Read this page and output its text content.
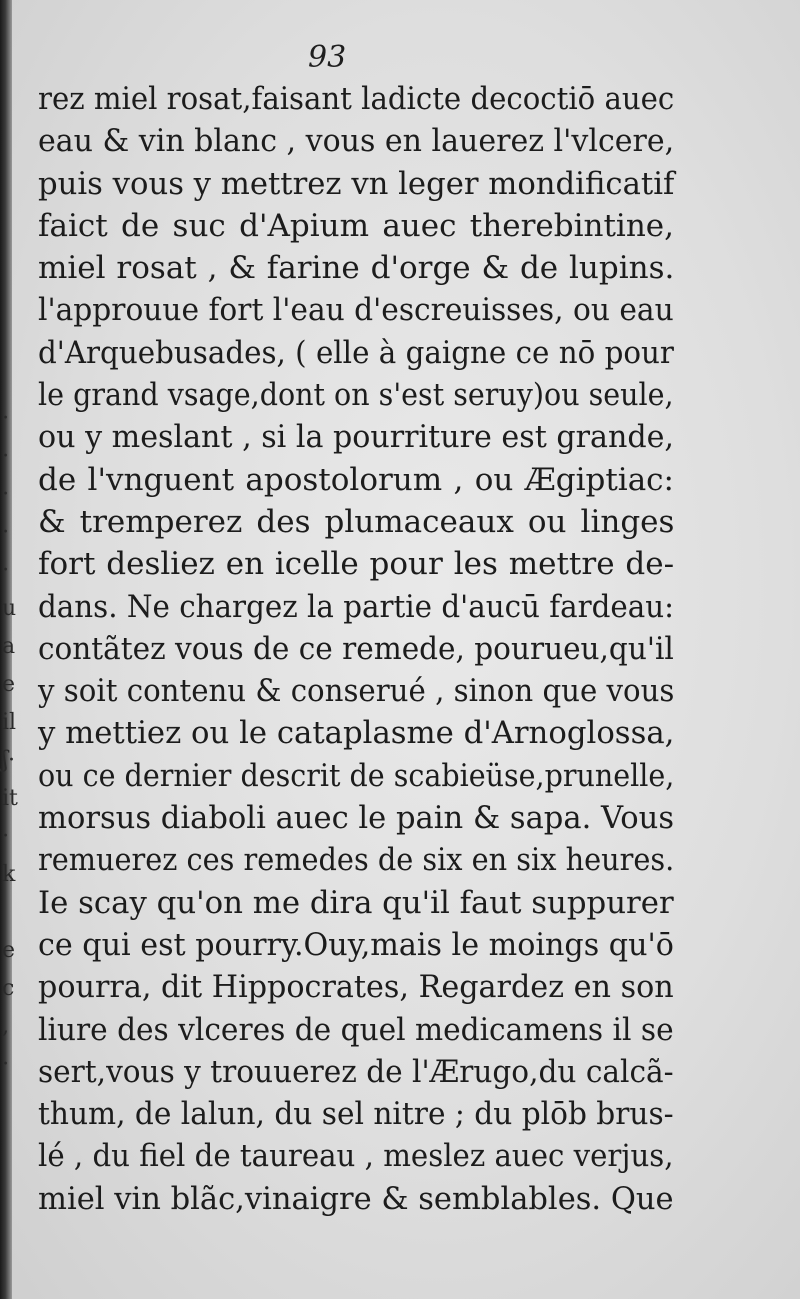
·
·
·
·
·
u
a
e
il
ʃ·
it
·
k
e
c
,
·
93
rez miel rosat,faisant ladicte decoctiō auec
eau & vin blanc , vous en lauerez l'vlcere,
puis vous y mettrez vn leger mondificatif
faict de suc d'Apium auec therebintine,
miel rosat , & farine d'orge & de lupins.
l'approuue fort l'eau d'escreuisses, ou eau
d'Arquebusades, ( elle à gaigne ce nō pour
le grand vsage,dont on s'est seruy)ou seule,
ou y meslant , si la pourriture est grande,
de l'vnguent apostolorum , ou Ægiptiac:
& tremperez des plumaceaux ou linges
fort desliez en icelle pour les mettre de-
dans. Ne chargez la partie d'aucū fardeau:
contãtez vous de ce remede, pourueu,qu'il
y soit contenu & conserué , sinon que vous
y mettiez ou le cataplasme d'Arnoglossa,
ou ce dernier descrit de scabieüse,prunelle,
morsus diaboli auec le pain & sapa. Vous
remuerez ces remedes de six en six heures.
Ie scay qu'on me dira qu'il faut suppurer
ce qui est pourry.Ouy,mais le moings qu'ō
pourra, dit Hippocrates, Regardez en son
liure des vlceres de quel medicamens il se
sert,vous y trouuerez de l'Ærugo,du calcã-
thum, de lalun, du sel nitre ; du plōb brus-
lé , du fiel de taureau , meslez auec verjus,
miel vin blãc,vinaigre & semblables. Que
